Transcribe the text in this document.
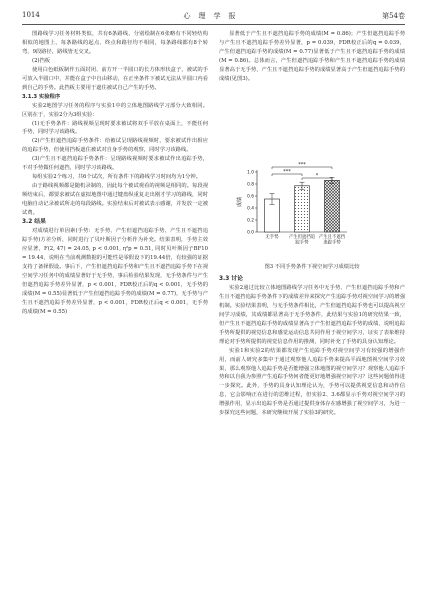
1014	心理学报	第54卷

图路线学习任务材料类似，共有6条路线，分别绘制在6张略有不同轻结构相似的地图上，每条路线的起点、终点和路径均不相同，每条路线都有8个转弯，9段路径，路线皆无交叉。

(2)挡板

使用白色纸板制作五面封闭、前方开一半圆口的长方体形状盒子，被试的手可放入半圆口中，并能在盒子中自由移动，在正坐条件下被试无法从半圆口内看到自己的手势。此挡板主要用于遮住被试自己产生的手势。

3.1.3 实验程序

实验2地图学习任务的程序与实验1中的立体地图路线学习部分大致相同。区别在于，实验2分为3组实验：

(1)无手势条件：路线视频呈现时要求被试将双手平放在桌面上，不能任何手势，同时学习该路线。

(2)产生但遮挡追踪手势条件：给被试呈现路线视频时，要求被试作出相应的追踪手势，但使用挡板遮住被试对自身手势的观察，同时学习该路线。

(3)产生且不遮挡追踪手势条件：呈现路线视频时要求被试作出追踪手势，不对手势做任何遮挡，同时学习该路线。

每组实验2个练习，共6个试次，所有条件下的路线学习时间均为1分钟。

由于路线视频都是随机录制的，因此每个被试观看的视频是相同的。每段视频结束后，都要求被试在虚拟地图中通过键盘纵重复走出刚才学习的路线，同时电脑自动记录被试所走的每段路线。实验结束后对被试表示感谢，并发放一定被试费。

3.2 结果

对成绩进行单因素(手势：无手势、产生但遮挡追踪手势、产生且不遮挡追踪手势)方差分析，同时进行了贝叶斯因子分析作为补充。结果表明，手势主效应显著，F(2, 47) = 24.05, p < 0.001, η²p = 0.51, 同时贝叶斯因子BF10 = 19.44，说明在当前观测数据的可能性是零假设下的19.44倍，有较强的证据支持了备择假设。事后下，产生但遮挡追踪手势和产生且不遮挡追踪手势下在视空间学习任务中的成绩显著好于无手势，事后检验结果发现，无手势条件与产生但遮挡追踪手势差异显著，p < 0.001，FDR校正后的q < 0.001，无手势的成绩(M = 0.55)显著低于产生但遮挡追踪手势的成绩(M = 0.77)，无手势与产生且不遮挡追踪手势差异显著，p < 0.001，FDR校正后q < 0.001，无手势的成绩(M = 0.55)

显著低于产生且不遮挡追踪手势的成绩(M = 0.86)；产生但遮挡追踪手势与产生且不遮挡追踪手势差异显著，p = 0.039，FDR校正后的q = 0.039，产生但遮挡追踪手势的成绩(M = 0.77)显著低于产生且不遮挡追踪手势的成绩(M = 0.86)。总体而言，产生但遮挡追踪手势和产生且不遮挡追踪手势的成绩显著高于无手势，产生且不遮挡追踪手势的成绩显著高于产生但遮挡追踪手势的成绩(见图3)。

0.0
0.2
0.4
0.6
0.8
1.0
成绩
无手势 产生但遮挡追
踪手势
产生且不遮挡
追踪手势
***
***
*
图3 不同手势条件下视空间学习成绩比较

3.3 讨论

实验2通过比较立体地图路线学习任务中无手势、产生但遮挡追踪手势和产生且不遮挡追踪手势条件下的成绩差异来探究产生追踪手势对视空间学习的增强机制。实验结果表明，与无手势条件相比，产生但遮挡追踪手势也可以提高视空间学习成绩，其成绩都显著高于无手势条件，此结果与实验1的研究结果一致，但产生且不遮挡追踪手势的成绩显著高于产生但遮挡追踪手势的成绩，说明追踪手势所提供的视觉信息和感觉运动信息共同作用于视空间学习，证实了表象维持理论对手势所提供的视觉信息作用的推测，同时补充了手势的具身认知理论。

实验1和实验2的结果都发现产生追踪手势对视空间学习有较强的增强作用，而前人研究多集中于通过观察他人追踪手势来提高平面地图视空间学习效果，那么观察他人追踪手势是否能增强立体地图的视空间学习？观察他人追踪手势和以自我为参照产生追踪手势何者能更好地增强视空间学习？这些问题值得进一步探究。此外，手势的具身认知理论认为，手势可以提供视觉信息和动作信息，它会影响正在进行的思维过程，但实验2、3.6都显示手势对视空间学习的增强作用，显示出追踪手势是否通过提供身体存在感增强了视空间学习，为进一步探究这些问题，本研究继续开展了实验3的研究。
